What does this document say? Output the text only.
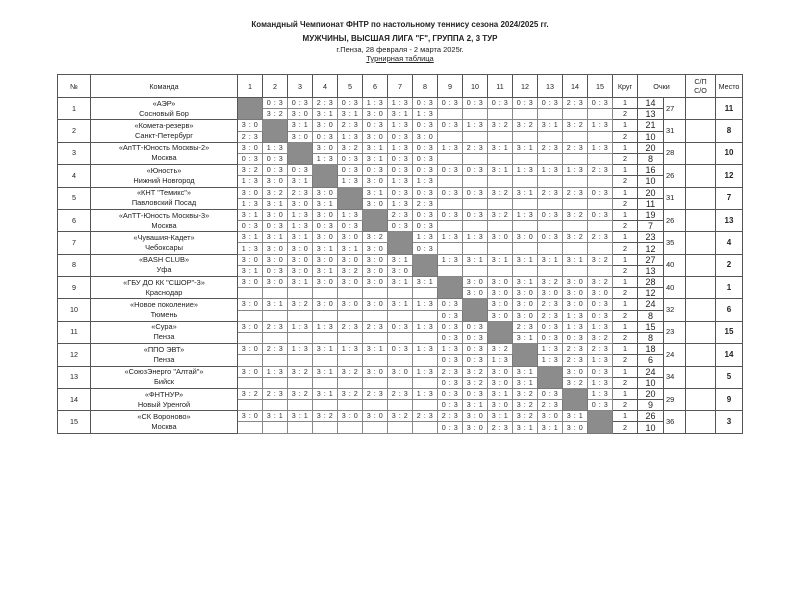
Командный Чемпионат ФНТР по настольному теннису сезона 2024/2025 гг.
МУЖЧИНЫ, ВЫСШАЯ ЛИГА "F", ГРУППА 2, 3 ТУР
г.Пенза, 28 февраля - 2 марта 2025г.
Турнирная таблица
№	Команда	1	2	3	4	5	6	7	8	9	10	11	12	13	14	15	Круг	Очки		С/П С/О	Место
1	«АЭР»
Сосновый Бор		0 : 3	0 : 3	2 : 3	0 : 3	1 : 3	1 : 3	0 : 3	0 : 3	0 : 3	0 : 3	0 : 3	0 : 3	2 : 3	0 : 3	1	14	27		11
			3 : 2	3 : 0	3 : 1	3 : 1	3 : 0	3 : 1	1 : 3								2	13			
2	«Комета-резерв»
Санкт-Петербург	3 : 0		3 : 1	3 : 0	2 : 3	0 : 3	1 : 3	0 : 3	0 : 3	1 : 3	3 : 2	3 : 2	3 : 1	3 : 2	1 : 3	1	21	31		8
		2 : 3		3 : 0	0 : 3	1 : 3	3 : 0	0 : 3	3 : 0								2	10			
3	«АпТТ-Юность Москвы-2»
Москва	3 : 0	1 : 3		3 : 0	3 : 2	3 : 1	1 : 3	0 : 3	1 : 3	2 : 3	3 : 1	3 : 1	2 : 3	2 : 3	1 : 3	1	20	28		10
		0 : 3	0 : 3		1 : 3	0 : 3	3 : 1	0 : 3	0 : 3								2	8			
4	«Юность»
Нижний Новгород	3 : 2	0 : 3	0 : 3		0 : 3	0 : 3	0 : 3	0 : 3	0 : 3	0 : 3	3 : 1	1 : 3	1 : 3	1 : 3	2 : 3	1	16	26		12
		1 : 3	3 : 0	3 : 1		1 : 3	3 : 0	1 : 3	1 : 3								2	10			
5	«КНТ "Темикс"»
Павловский Посад	3 : 0	3 : 2	2 : 3	3 : 0		3 : 1	0 : 3	0 : 3	0 : 3	0 : 3	3 : 2	3 : 1	2 : 3	2 : 3	0 : 3	1	20	31		7
		1 : 3	3 : 1	3 : 0	3 : 1		3 : 0	1 : 3	2 : 3								2	11			
6	«АпТТ-Юность Москвы-3»
Москва	3 : 1	3 : 0	1 : 3	3 : 0	1 : 3		2 : 3	0 : 3	0 : 3	0 : 3	3 : 2	1 : 3	0 : 3	3 : 2	0 : 3	1	19	26		13
		0 : 3	0 : 3	1 : 3	0 : 3	0 : 3		0 : 3	0 : 3								2	7			
7	«Чувашия-Кадет»
Чебоксары	3 : 1	3 : 1	3 : 1	3 : 0	3 : 0	3 : 2		1 : 3	1 : 3	1 : 3	3 : 0	3 : 0	0 : 3	3 : 2	2 : 3	1	23	35		4
		1 : 3	3 : 0	3 : 0	3 : 1	3 : 1	3 : 0		0 : 3								2	12			
8	«BASH CLUB»
Уфа	3 : 0	3 : 0	3 : 0	3 : 0	3 : 0	3 : 0	3 : 1		1 : 3	3 : 1	3 : 1	3 : 1	3 : 1	3 : 1	3 : 2	1	27	40		2
		3 : 1	0 : 3	3 : 0	3 : 1	3 : 2	3 : 0	3 : 0									2	13			
9	«ГБУ ДО КК "СШОР"-3»
Краснодар	3 : 0	3 : 0	3 : 1	3 : 0	3 : 0	3 : 0	3 : 1	3 : 1		3 : 0	3 : 0	3 : 1	3 : 2	3 : 0	3 : 2	1	28	40		1
											3 : 0	3 : 0	3 : 0	3 : 0	3 : 0	3 : 0	2	12			
10	«Новое поколение»
Тюмень	3 : 0	3 : 1	3 : 2	3 : 0	3 : 0	3 : 0	3 : 1	1 : 3	0 : 3		3 : 0	3 : 0	2 : 3	3 : 0	0 : 3	1	24	32		6
										0 : 3		3 : 0	3 : 0	2 : 3	1 : 3	0 : 3	2	8			
11	«Сура»
Пенза	3 : 0	2 : 3	1 : 3	1 : 3	2 : 3	2 : 3	0 : 3	1 : 3	0 : 3	0 : 3		2 : 3	0 : 3	1 : 3	1 : 3	1	15	23		15
										0 : 3	0 : 3		3 : 1	0 : 3	0 : 3	3 : 2	2	8			
12	«ППО ЭВТ»
Пенза	3 : 0	2 : 3	1 : 3	3 : 1	1 : 3	3 : 1	0 : 3	1 : 3	1 : 3	0 : 3	3 : 2		1 : 3	2 : 3	2 : 3	1	18	24		14
										0 : 3	0 : 3	1 : 3		1 : 3	2 : 3	1 : 3	2	6			
13	«СоюзЭнерго "Алтай"»
Бийск	3 : 0	1 : 3	3 : 2	3 : 1	3 : 2	3 : 0	3 : 0	1 : 3	2 : 3	3 : 2	3 : 0	3 : 1		3 : 0	0 : 3	1	24	34		5
										0 : 3	3 : 2	3 : 0	3 : 1		3 : 2	1 : 3	2	10			
14	«ФНТНУР»
Новый Уренгой	3 : 2	2 : 3	3 : 2	3 : 1	3 : 2	2 : 3	2 : 3	1 : 3	0 : 3	0 : 3	3 : 1	3 : 2	0 : 3		1 : 3	1	20	29		9
										0 : 3	3 : 1	3 : 0	3 : 2	2 : 3		0 : 3	2	9			
15	«СК Вороново»
Москва	3 : 0	3 : 1	3 : 1	3 : 2	3 : 0	3 : 0	3 : 2	2 : 3	2 : 3	3 : 0	3 : 1	3 : 2	3 : 0	3 : 1		1	26	36		3
										0 : 3	3 : 0	2 : 3	3 : 1	3 : 1	3 : 0		2	10			
